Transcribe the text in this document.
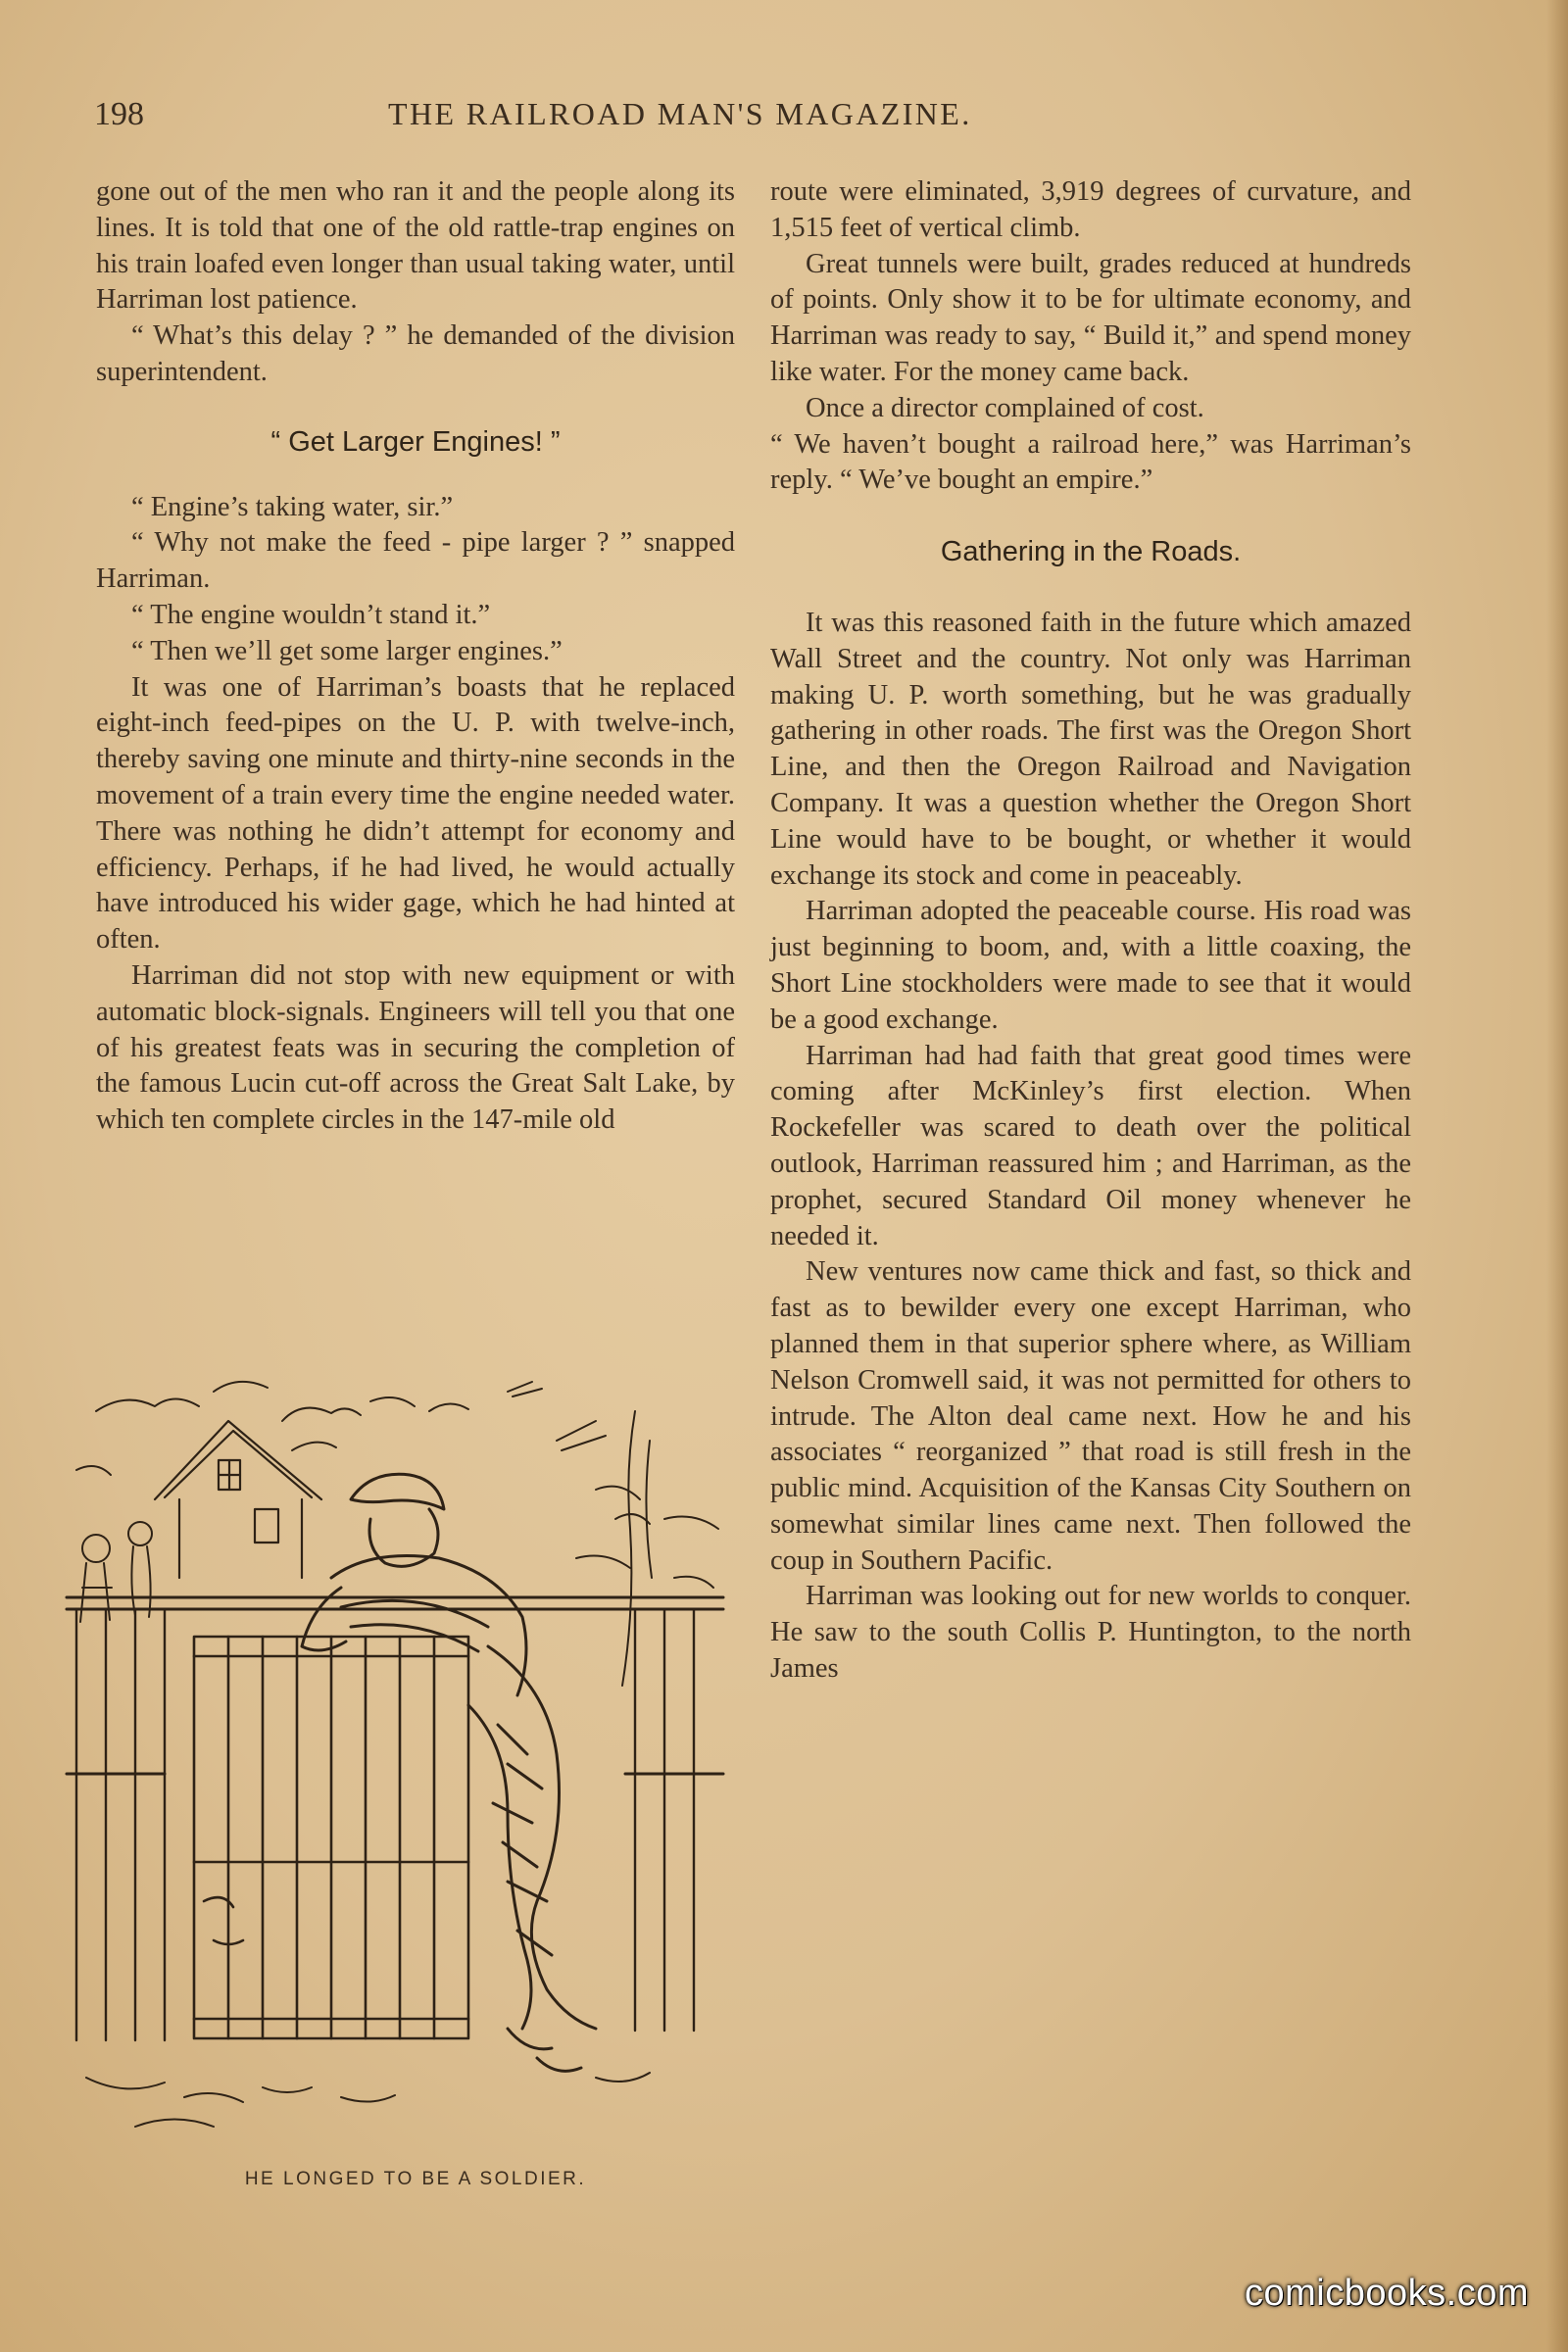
198	THE RAILROAD MAN'S MAGAZINE.

gone out of the men who ran it and the people along its lines. It is told that one of the old rattle-trap engines on his train loafed even longer than usual taking water, until Harriman lost patience.

“ What’s this delay ? ” he demanded of the division superintendent.

“ Get Larger Engines! ”

“ Engine’s taking water, sir.”

“ Why not make the feed - pipe larger ? ” snapped Harriman.

“ The engine wouldn’t stand it.”

“ Then we’ll get some larger engines.”

It was one of Harriman’s boasts that he replaced eight-inch feed-pipes on the U. P. with twelve-inch, thereby saving one minute and thirty-nine seconds in the movement of a train every time the engine needed water. There was nothing he didn’t attempt for economy and efficiency. Perhaps, if he had lived, he would actually have introduced his wider gage, which he had hinted at often.

Harriman did not stop with new equipment or with automatic block-signals. Engineers will tell you that one of his greatest feats was in securing the completion of the famous Lucin cut-off across the Great Salt Lake, by which ten complete circles in the 147-mile old

route were eliminated, 3,919 degrees of curvature, and 1,515 feet of vertical climb.

Great tunnels were built, grades reduced at hundreds of points. Only show it to be for ultimate economy, and Harriman was ready to say, “ Build it,” and spend money like water. For the money came back.

Once a director complained of cost.

“ We haven’t bought a railroad here,” was Harriman’s reply. “ We’ve bought an empire.”

Gathering in the Roads.

It was this reasoned faith in the future which amazed Wall Street and the country. Not only was Harriman making U. P. worth something, but he was gradually gathering in other roads. The first was the Oregon Short Line, and then the Oregon Railroad and Navigation Company. It was a question whether the Oregon Short Line would have to be bought, or whether it would exchange its stock and come in peaceably.

Harriman adopted the peaceable course. His road was just beginning to boom, and, with a little coaxing, the Short Line stockholders were made to see that it would be a good exchange.

Harriman had had faith that great good times were coming after McKinley’s first election. When Rockefeller was scared to death over the political outlook, Harriman reassured him ; and Harriman, as the prophet, secured Standard Oil money whenever he needed it.

New ventures now came thick and fast, so thick and fast as to bewilder every one except Harriman, who planned them in that superior sphere where, as William Nelson Cromwell said, it was not permitted for others to intrude. The Alton deal came next. How he and his associates “ reorganized ” that road is still fresh in the public mind. Acquisition of the Kansas City Southern on somewhat similar lines came next. Then followed the coup in Southern Pacific.

Harriman was looking out for new worlds to conquer. He saw to the south Collis P. Huntington, to the north James

HE LONGED TO BE A SOLDIER.
comicbooks.com
